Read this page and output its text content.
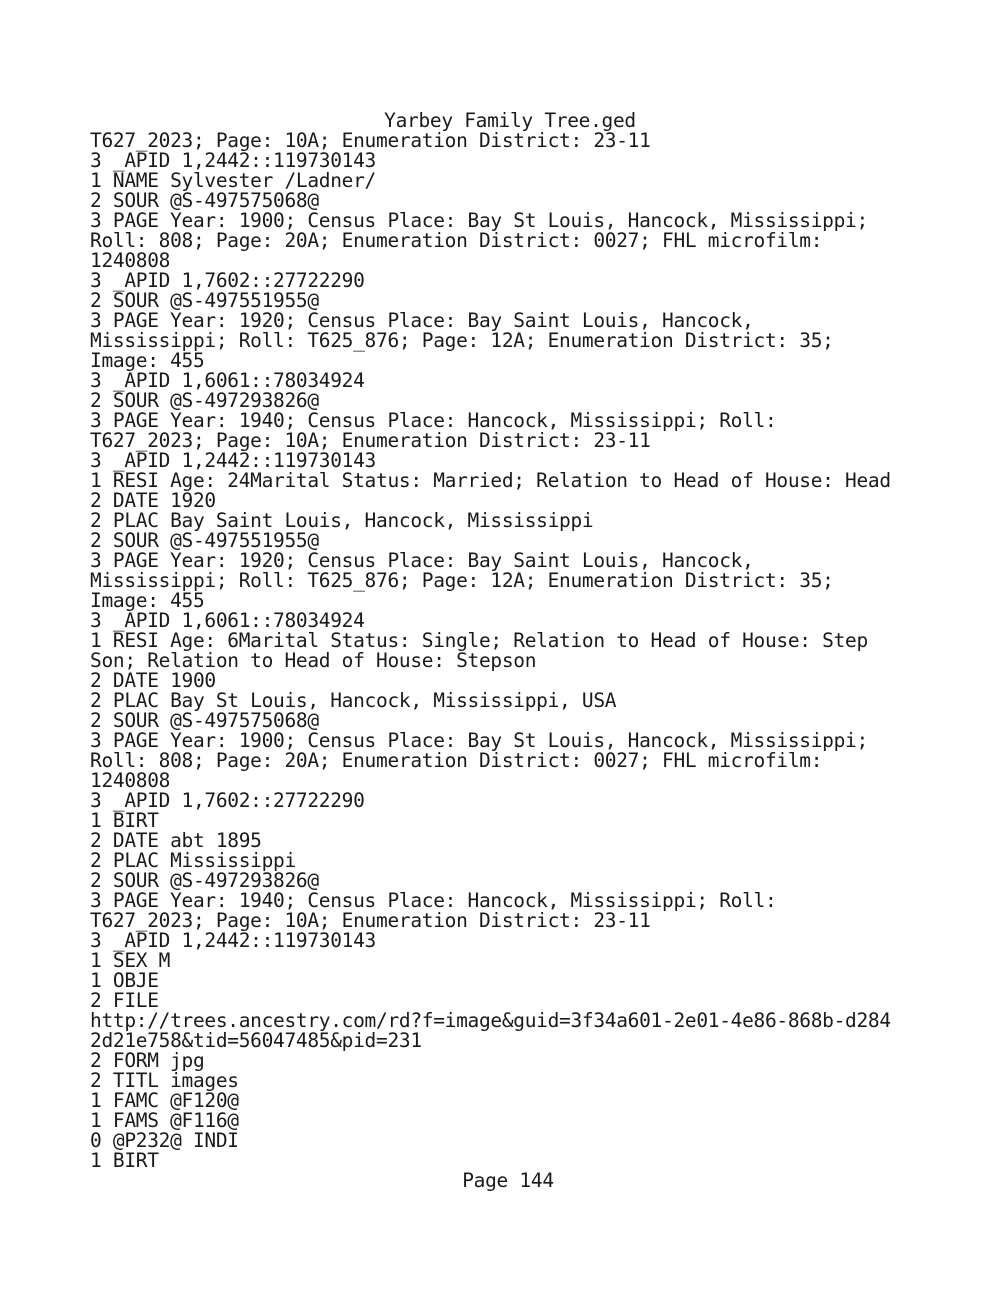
Yarbey Family Tree.ged
T627_2023; Page: 10A; Enumeration District: 23-11
3 _APID 1,2442::119730143
1 NAME Sylvester /Ladner/
2 SOUR @S-497575068@
3 PAGE Year: 1900; Census Place: Bay St Louis, Hancock, Mississippi;
Roll: 808; Page: 20A; Enumeration District: 0027; FHL microfilm:
1240808
3 _APID 1,7602::27722290
2 SOUR @S-497551955@
3 PAGE Year: 1920; Census Place: Bay Saint Louis, Hancock,
Mississippi; Roll: T625_876; Page: 12A; Enumeration District: 35;
Image: 455
3 _APID 1,6061::78034924
2 SOUR @S-497293826@
3 PAGE Year: 1940; Census Place: Hancock, Mississippi; Roll:
T627_2023; Page: 10A; Enumeration District: 23-11
3 _APID 1,2442::119730143
1 RESI Age: 24Marital Status: Married; Relation to Head of House: Head
2 DATE 1920
2 PLAC Bay Saint Louis, Hancock, Mississippi
2 SOUR @S-497551955@
3 PAGE Year: 1920; Census Place: Bay Saint Louis, Hancock,
Mississippi; Roll: T625_876; Page: 12A; Enumeration District: 35;
Image: 455
3 _APID 1,6061::78034924
1 RESI Age: 6Marital Status: Single; Relation to Head of House: Step
Son; Relation to Head of House: Stepson
2 DATE 1900
2 PLAC Bay St Louis, Hancock, Mississippi, USA
2 SOUR @S-497575068@
3 PAGE Year: 1900; Census Place: Bay St Louis, Hancock, Mississippi;
Roll: 808; Page: 20A; Enumeration District: 0027; FHL microfilm:
1240808
3 _APID 1,7602::27722290
1 BIRT
2 DATE abt 1895
2 PLAC Mississippi
2 SOUR @S-497293826@
3 PAGE Year: 1940; Census Place: Hancock, Mississippi; Roll:
T627_2023; Page: 10A; Enumeration District: 23-11
3 _APID 1,2442::119730143
1 SEX M
1 OBJE
2 FILE
http://trees.ancestry.com/rd?f=image&guid=3f34a601-2e01-4e86-868b-d284
2d21e758&tid=56047485&pid=231
2 FORM jpg
2 TITL images
1 FAMC @F120@
1 FAMS @F116@
0 @P232@ INDI
1 BIRT
Page 144
